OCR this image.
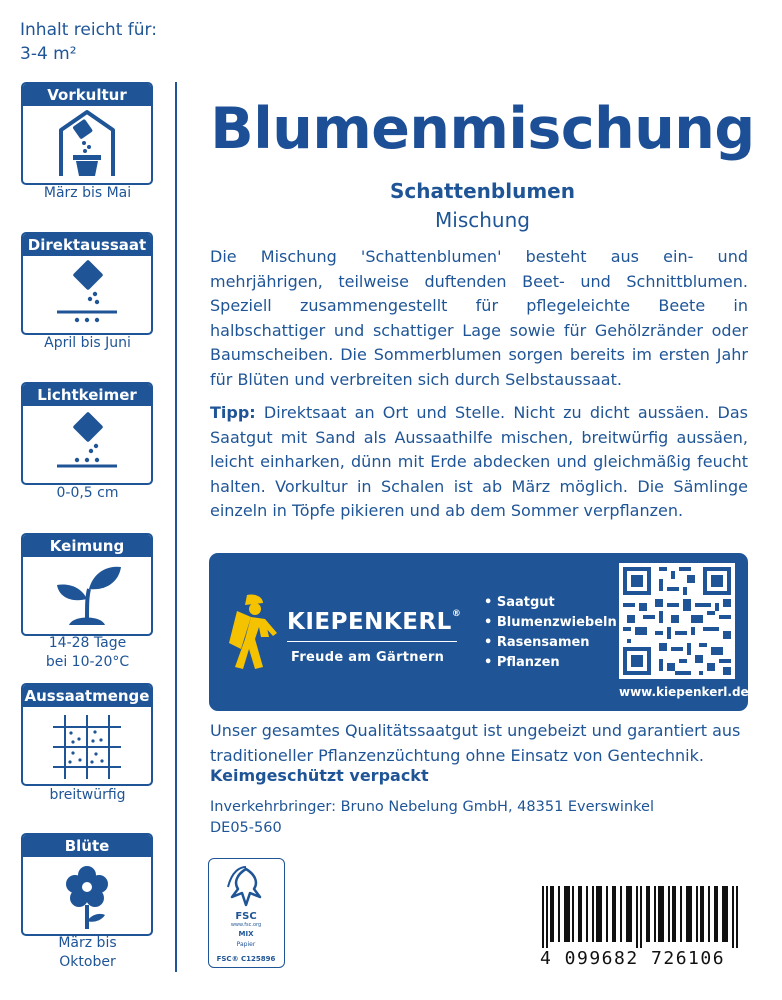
Inhalt reicht für:
3-4 m²
Vorkultur
März bis Mai
Direktaussaat
April bis Juni
Lichtkeimer
0-0,5 cm
Keimung
14-28 Tage
bei 10-20°C
Aussaatmenge
breitwürfig
Blüte
März bis
Oktober
Blumenmischung
Schattenblumen
Mischung

Die Mischung 'Schattenblumen' besteht aus ein- und mehrjährigen, teilweise duftenden Beet- und Schnittblumen. Speziell zusammengestellt für pflegeleichte Beete in halbschattiger und schattiger Lage sowie für Gehölzränder oder Baumscheiben. Die Sommerblumen sorgen bereits im ersten Jahr für Blüten und verbreiten sich durch Selbstaussaat.

Tipp: Direktsaat an Ort und Stelle. Nicht zu dicht aussäen. Das Saatgut mit Sand als Aussaathilfe mischen, breitwürfig aussäen, leicht einharken, dünn mit Erde abdecken und gleichmäßig feucht halten. Vorkultur in Schalen ist ab März möglich. Die Sämlinge einzeln in Töpfe pikieren und ab dem Sommer verpflanzen.

KIEPENKERL®
Freude am Gärtnern
• Saatgut
• Blumenzwiebeln
• Rasensamen
• Pflanzen
www.kiepenkerl.de
Unser gesamtes Qualitätssaatgut ist ungebeizt und garantiert aus traditioneller Pflanzenzüchtung ohne Einsatz von Gentechnik.
Keimgeschützt verpackt
Inverkehrbringer: Bruno Nebelung GmbH, 48351 Everswinkel
DE05-560
FSC
www.fsc.org
MIX
Papier
FSC® C125896	4 099682 726106
